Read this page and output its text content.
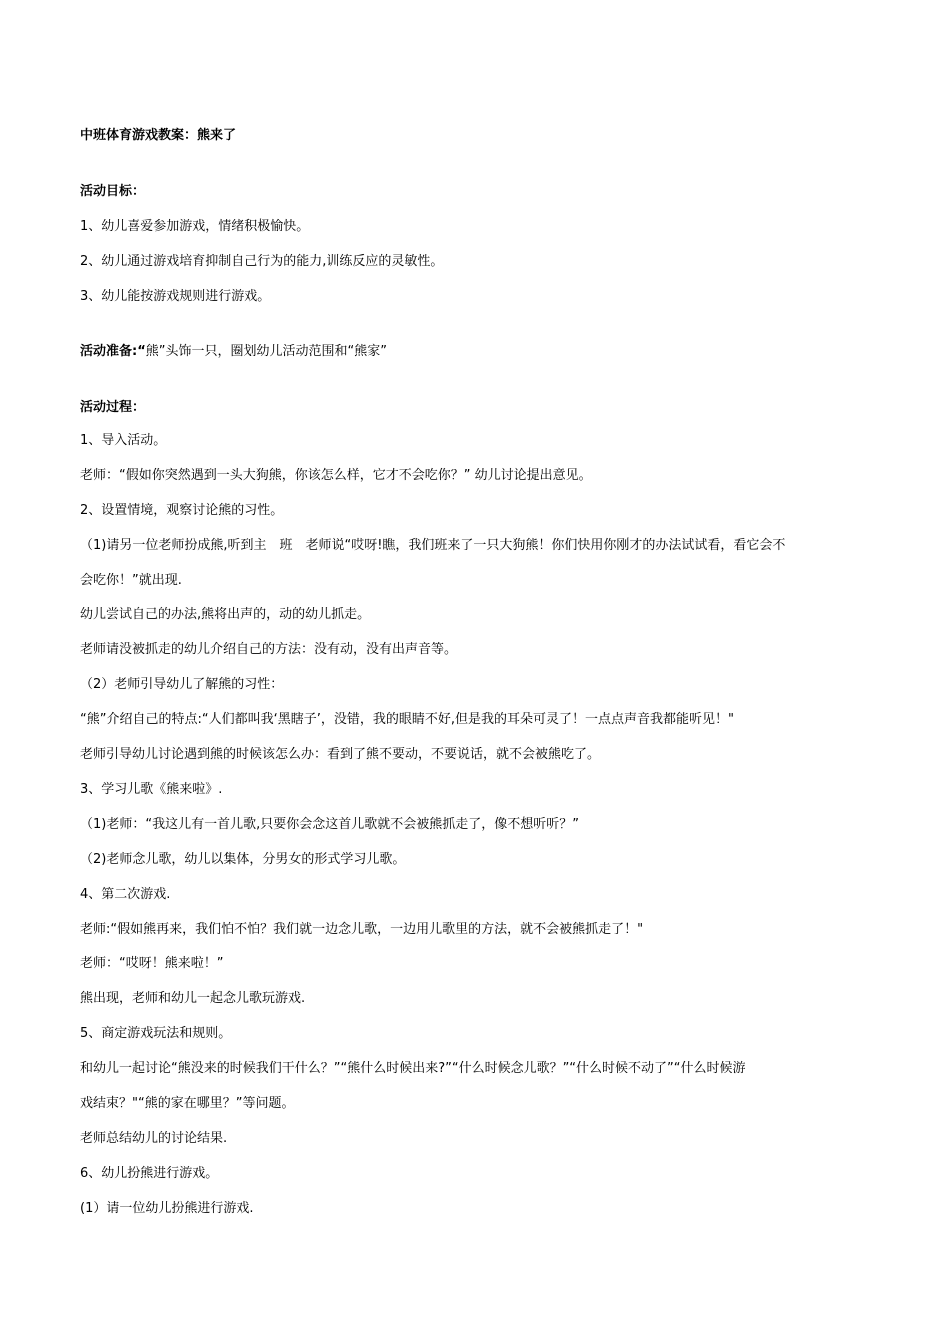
中班体育游戏教案：熊来了
活动目标：
1、幼儿喜爱参加游戏，情绪积极愉快。
2、幼儿通过游戏培育抑制自己行为的能力,训练反应的灵敏性。
3、幼儿能按游戏规则进行游戏。
活动准备:“熊”头饰一只，圈划幼儿活动范围和“熊家”
活动过程：
1、导入活动。
老师：“假如你突然遇到一头大狗熊，你该怎么样，它才不会吃你？” 幼儿讨论提出意见。
2、设置情境，观察讨论熊的习性。
（1)请另一位老师扮成熊,听到主　班　老师说“哎呀!瞧，我们班来了一只大狗熊！你们快用你刚才的办法试试看，看它会不
会吃你！”就出现.
幼儿尝试自己的办法,熊将出声的，动的幼儿抓走。
老师请没被抓走的幼儿介绍自己的方法：没有动，没有出声音等。
（2）老师引导幼儿了解熊的习性：
“熊”介绍自己的特点:“人们都叫我‘黑瞎子’，没错，我的眼睛不好,但是我的耳朵可灵了！一点点声音我都能听见！"
老师引导幼儿讨论遇到熊的时候该怎么办：看到了熊不要动，不要说话，就不会被熊吃了。
3、学习儿歌《熊来啦》.
（1)老师：“我这儿有一首儿歌,只要你会念这首儿歌就不会被熊抓走了，像不想听听？”
（2)老师念儿歌，幼儿以集体，分男女的形式学习儿歌。
4、第二次游戏.
老师:“假如熊再来，我们怕不怕？我们就一边念儿歌，一边用儿歌里的方法，就不会被熊抓走了！"
老师：“哎呀！熊来啦！”
熊出现，老师和幼儿一起念儿歌玩游戏.
5、商定游戏玩法和规则。
和幼儿一起讨论“熊没来的时候我们干什么？”“熊什么时候出来?”“什么时候念儿歌？”“什么时候不动了”“什么时候游
戏结束？"“熊的家在哪里？”等问题。
老师总结幼儿的讨论结果.
6、幼儿扮熊进行游戏。
(1）请一位幼儿扮熊进行游戏.
